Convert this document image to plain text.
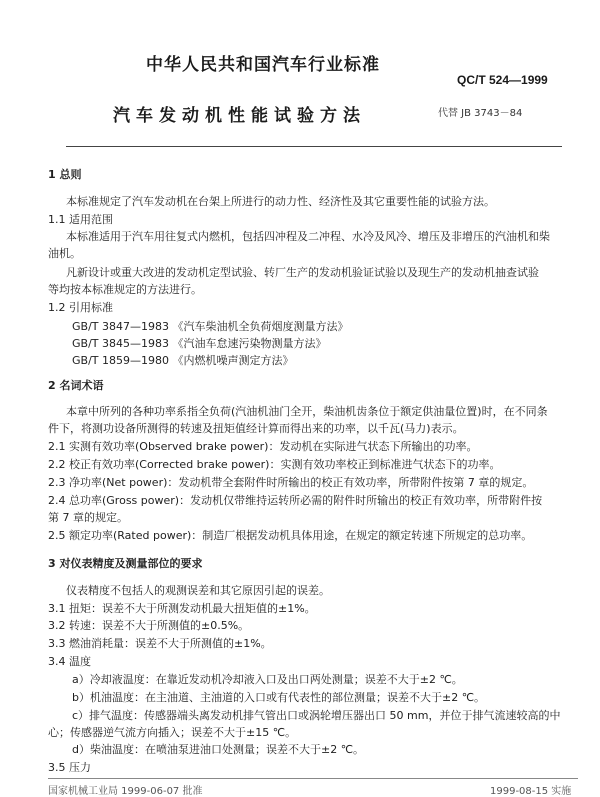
中华人民共和国汽车行业标准
QC/T 524—1999
汽车发动机性能试验方法	代替 JB 3743－84
1 总则
本标准规定了汽车发动机在台架上所进行的动力性、经济性及其它重要性能的试验方法。
1.1 适用范围
本标准适用于汽车用往复式内燃机，包括四冲程及二冲程、水冷及风冷、增压及非增压的汽油机和柴
油机。
凡新设计或重大改进的发动机定型试验、转厂生产的发动机验证试验以及现生产的发动机抽查试验
等均按本标准规定的方法进行。
1.2 引用标准
GB/T 3847—1983 《汽车柴油机全负荷烟度测量方法》
GB/T 3845—1983 《汽油车怠速污染物测量方法》
GB/T 1859—1980 《内燃机噪声测定方法》
2 名词术语
本章中所列的各种功率系指全负荷(汽油机油门全开，柴油机齿条位于额定供油量位置)时，在不同条
件下，将测功设备所测得的转速及扭矩值经计算而得出来的功率，以千瓦(马力)表示。
2.1 实测有效功率(Observed brake power)：发动机在实际进气状态下所输出的功率。
2.2 校正有效功率(Corrected brake power)：实测有效功率校正到标准进气状态下的功率。
2.3 净功率(Net power)：发动机带全套附件时所输出的校正有效功率，所带附件按第 7 章的规定。
2.4 总功率(Gross power)：发动机仅带维持运转所必需的附件时所输出的校正有效功率，所带附件按
第 7 章的规定。
2.5 额定功率(Rated power)：制造厂根据发动机具体用途，在规定的额定转速下所规定的总功率。
3 对仪表精度及测量部位的要求
仪表精度不包括人的观测误差和其它原因引起的误差。
3.1 扭矩：误差不大于所测发动机最大扭矩值的±1%。
3.2 转速：误差不大于所测值的±0.5%。
3.3 燃油消耗量：误差不大于所测值的±1%。
3.4 温度
a）冷却液温度：在靠近发动机冷却液入口及出口两处测量；误差不大于±2 ℃。
b）机油温度：在主油道、主油道的入口或有代表性的部位测量；误差不大于±2 ℃。
c）排气温度：传感器端头离发动机排气管出口或涡轮增压器出口 50 mm，并位于排气流速较高的中
心；传感器逆气流方向插入；误差不大于±15 ℃。
d）柴油温度：在喷油泵进油口处测量；误差不大于±2 ℃。
3.5 压力
国家机械工业局 1999-06-07 批准	1999-08-15 实施
